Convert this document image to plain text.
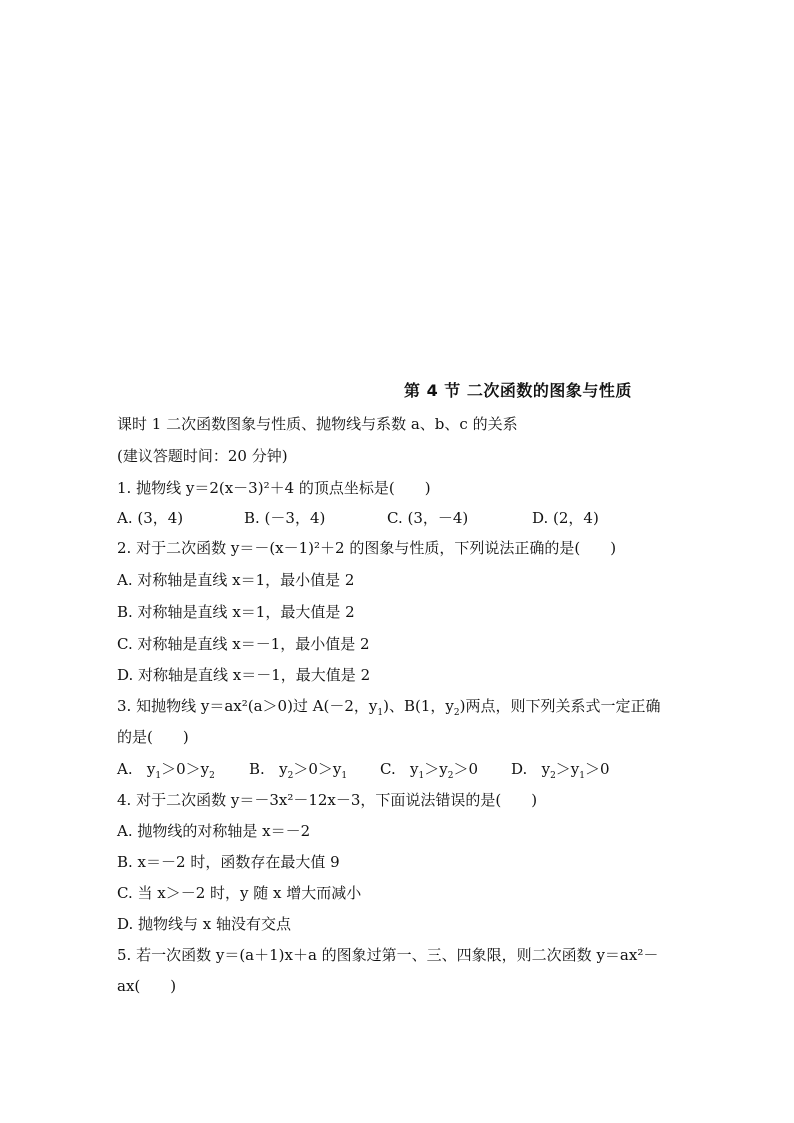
第 4 节 二次函数的图象与性质
课时 1 二次函数图象与性质、抛物线与系数 a、b、c 的关系
(建议答题时间：20 分钟)
1. 抛物线 y＝2(x－3)²＋4 的顶点坐标是(　　)
A. (3，4)	B. (－3，4)	C. (3，－4)	D. (2，4)
2. 对于二次函数 y＝－(x－1)²＋2 的图象与性质，下列说法正确的是(　　)
A. 对称轴是直线 x＝1，最小值是 2
B. 对称轴是直线 x＝1，最大值是 2
C. 对称轴是直线 x＝－1，最小值是 2
D. 对称轴是直线 x＝－1，最大值是 2
3. 知抛物线 y＝ax²(a＞0)过 A(－2，$y_1$)、B(1，$y_2$)两点，则下列关系式一定正确
的是(　　)
A. $y_1>0>y_2$ B. $y_2>0>y_1$ C. $y_1>y_2>0$ D. $y_2>y_1>0$
4. 对于二次函数 y＝－3x²－12x－3，下面说法错误的是(　　)
A. 抛物线的对称轴是 x＝－2
B. x＝－2 时，函数存在最大值 9
C. 当 x＞－2 时，y 随 x 增大而减小
D. 抛物线与 x 轴没有交点
5. 若一次函数 y＝(a＋1)x＋a 的图象过第一、三、四象限，则二次函数 y＝ax²－
ax(　　)
